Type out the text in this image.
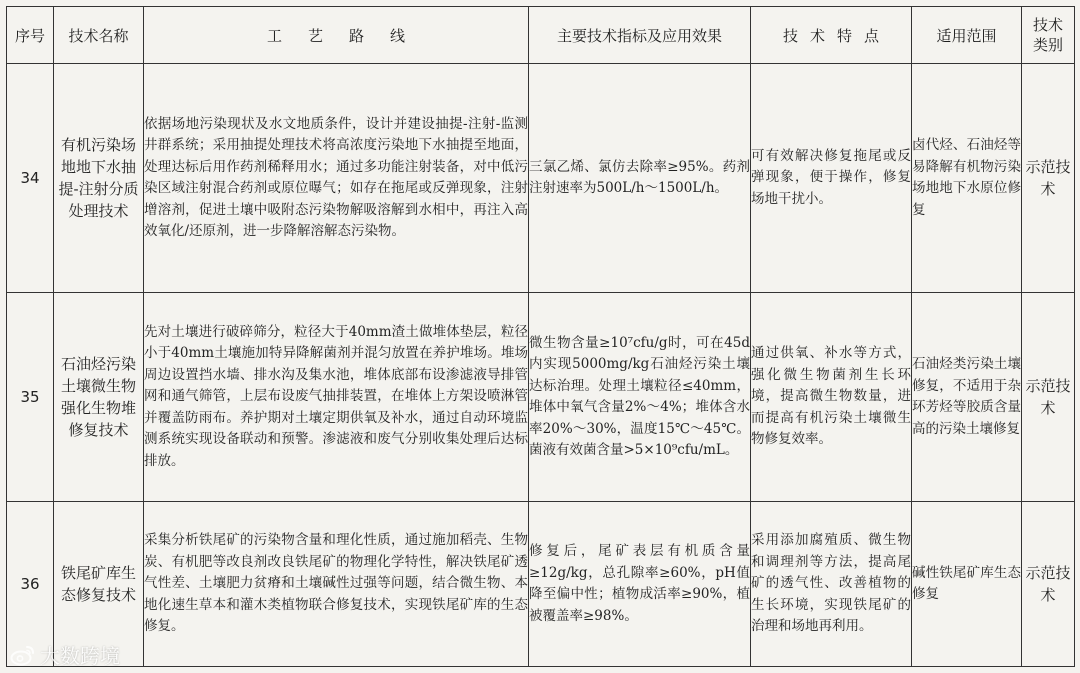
序号	技术名称	工艺路线	主要技术指标及应用效果	技术特点	适用范围	技术类别
34	有机污染场地地下水抽提-注射分质处理技术	依据场地污染现状及水文地质条件，设计并建设抽提-注射-监测井群系统；采用抽提处理技术将高浓度污染地下水抽提至地面，处理达标后用作药剂稀释用水；通过多功能注射装备，对中低污染区域注射混合药剂或原位曝气；如存在拖尾或反弹现象，注射增溶剂，促进土壤中吸附态污染物解吸溶解到水相中，再注入高效氧化/还原剂，进一步降解溶解态污染物。	三氯乙烯、氯仿去除率≥95%。药剂注射速率为500L/h～1500L/h。	可有效解决修复拖尾或反弹现象，便于操作，修复场地干扰小。	卤代烃、石油烃等易降解有机物污染场地地下水原位修复	示范技术
35	石油烃污染土壤微生物强化生物堆修复技术	先对土壤进行破碎筛分，粒径大于40mm渣土做堆体垫层，粒径小于40mm土壤施加特异降解菌剂并混匀放置在养护堆场。堆场周边设置挡水墙、排水沟及集水池，堆体底部布设渗滤液导排管网和通气筛管，上层布设废气抽排装置，在堆体上方架设喷淋管并覆盖防雨布。养护期对土壤定期供氧及补水，通过自动环境监测系统实现设备联动和预警。渗滤液和废气分别收集处理后达标排放。	微生物含量≥10⁷cfu/g时，可在45d内实现5000mg/kg石油烃污染土壤达标治理。处理土壤粒径≤40mm，堆体中氧气含量2%～4%；堆体含水率20%～30%，温度15℃～45℃。菌液有效菌含量>5×10⁹cfu/mL。	通过供氧、补水等方式，强化微生物菌剂生长环境，提高微生物数量，进而提高有机污染土壤微生物修复效率。	石油烃类污染土壤修复，不适用于杂环芳烃等胶质含量高的污染土壤修复	示范技术
36	铁尾矿库生态修复技术	采集分析铁尾矿的污染物含量和理化性质，通过施加稻壳、生物炭、有机肥等改良剂改良铁尾矿的物理化学特性，解决铁尾矿透气性差、土壤肥力贫瘠和土壤碱性过强等问题，结合微生物、本地化速生草本和灌木类植物联合修复技术，实现铁尾矿库的生态修复。	修复后，尾矿表层有机质含量≥12g/kg，总孔隙率≥60%，pH值降至偏中性；植物成活率≥90%，植被覆盖率≥98%。	采用添加腐殖质、微生物和调理剂等方法，提高尾矿的透气性、改善植物的生长环境，实现铁尾矿的治理和场地再利用。	碱性铁尾矿库生态修复	示范技术
大数跨境
